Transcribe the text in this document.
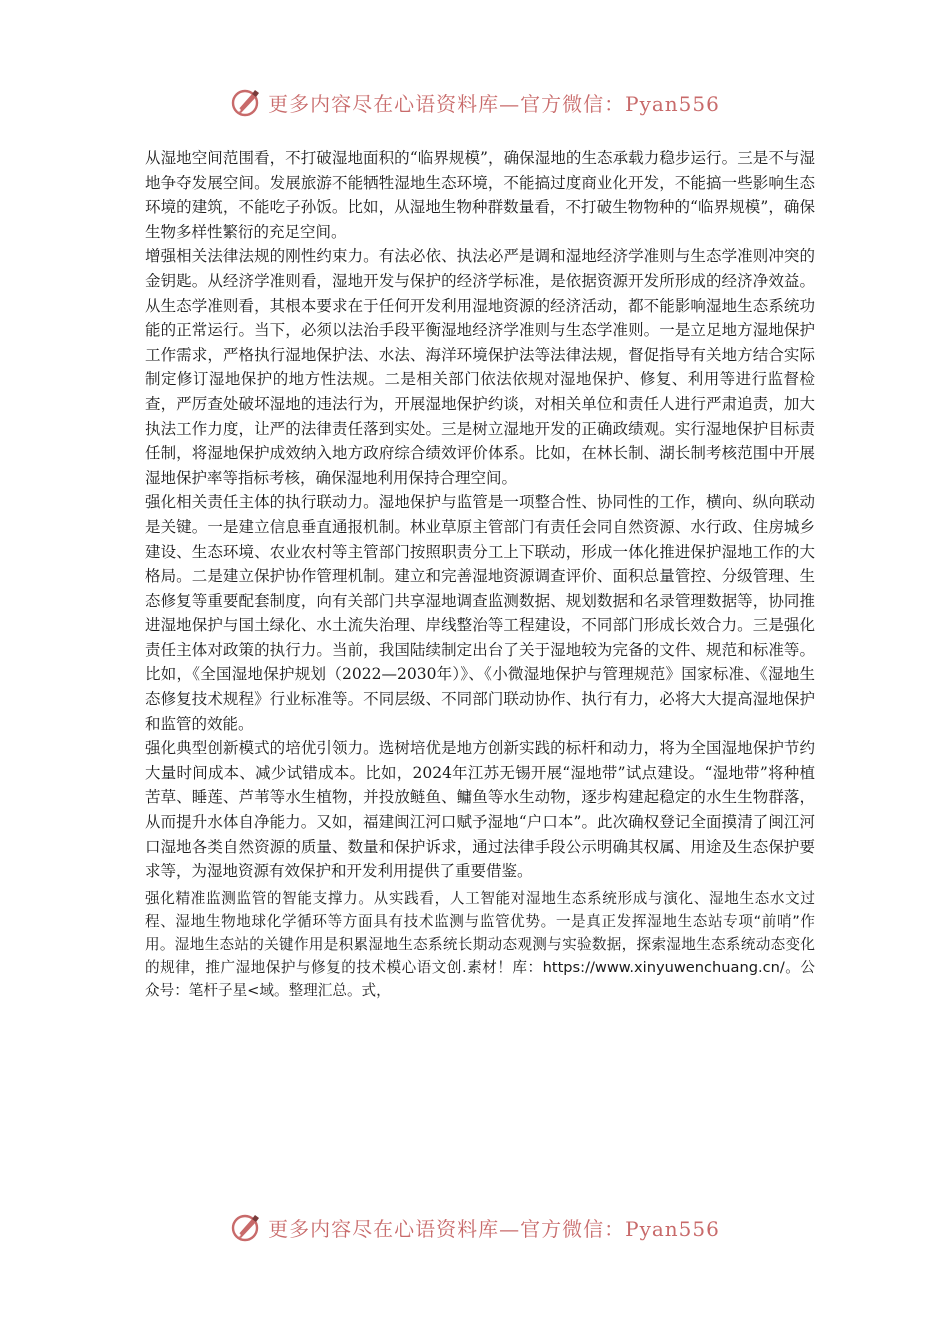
更多内容尽在心语资料库—官方微信：Pyan556

从湿地空间范围看，不打破湿地面积的“临界规模”，确保湿地的生态承载力稳步运行。三是不与湿地争夺发展空间。发展旅游不能牺牲湿地生态环境，不能搞过度商业化开发，不能搞一些影响生态环境的建筑，不能吃子孙饭。比如，从湿地生物种群数量看，不打破生物物种的“临界规模”，确保生物多样性繁衍的充足空间。

增强相关法律法规的刚性约束力。有法必依、执法必严是调和湿地经济学准则与生态学准则冲突的金钥匙。从经济学准则看，湿地开发与保护的经济学标准，是依据资源开发所形成的经济净效益。从生态学准则看，其根本要求在于任何开发利用湿地资源的经济活动，都不能影响湿地生态系统功能的正常运行。当下，必须以法治手段平衡湿地经济学准则与生态学准则。一是立足地方湿地保护工作需求，严格执行湿地保护法、水法、海洋环境保护法等法律法规，督促指导有关地方结合实际制定修订湿地保护的地方性法规。二是相关部门依法依规对湿地保护、修复、利用等进行监督检查，严厉查处破坏湿地的违法行为，开展湿地保护约谈，对相关单位和责任人进行严肃追责，加大执法工作力度，让严的法律责任落到实处。三是树立湿地开发的正确政绩观。实行湿地保护目标责任制，将湿地保护成效纳入地方政府综合绩效评价体系。比如，在林长制、湖长制考核范围中开展湿地保护率等指标考核，确保湿地利用保持合理空间。

强化相关责任主体的执行联动力。湿地保护与监管是一项整合性、协同性的工作，横向、纵向联动是关键。一是建立信息垂直通报机制。林业草原主管部门有责任会同自然资源、水行政、住房城乡建设、生态环境、农业农村等主管部门按照职责分工上下联动，形成一体化推进保护湿地工作的大格局。二是建立保护协作管理机制。建立和完善湿地资源调查评价、面积总量管控、分级管理、生态修复等重要配套制度，向有关部门共享湿地调查监测数据、规划数据和名录管理数据等，协同推进湿地保护与国土绿化、水土流失治理、岸线整治等工程建设，不同部门形成长效合力。三是强化责任主体对政策的执行力。当前，我国陆续制定出台了关于湿地较为完备的文件、规范和标准等。比如，《全国湿地保护规划（2022—2030年）》、《小微湿地保护与管理规范》国家标准、《湿地生态修复技术规程》行业标准等。不同层级、不同部门联动协作、执行有力，必将大大提高湿地保护和监管的效能。

强化典型创新模式的培优引领力。选树培优是地方创新实践的标杆和动力，将为全国湿地保护节约大量时间成本、减少试错成本。比如，2024年江苏无锡开展“湿地带”试点建设。“湿地带”将种植苦草、睡莲、芦苇等水生植物，并投放鲢鱼、鳙鱼等水生动物，逐步构建起稳定的水生生物群落，从而提升水体自净能力。又如，福建闽江河口赋予湿地“户口本”。此次确权登记全面摸清了闽江河口湿地各类自然资源的质量、数量和保护诉求，通过法律手段公示明确其权属、用途及生态保护要求等，为湿地资源有效保护和开发利用提供了重要借鉴。

强化精准监测监管的智能支撑力。从实践看，人工智能对湿地生态系统形成与演化、湿地生态水文过程、湿地生物地球化学循环等方面具有技术监测与监管优势。一是真正发挥湿地生态站专项“前哨”作用。湿地生态站的关键作用是积累湿地生态系统长期动态观测与实验数据，探索湿地生态系统动态变化的规律，推广湿地保护与修复的技术模心语文创.素材！库：https://www.xinyuwenchuang.cn/。公众号：笔杆子星<域。整理汇总。式，

更多内容尽在心语资料库—官方微信：Pyan556
